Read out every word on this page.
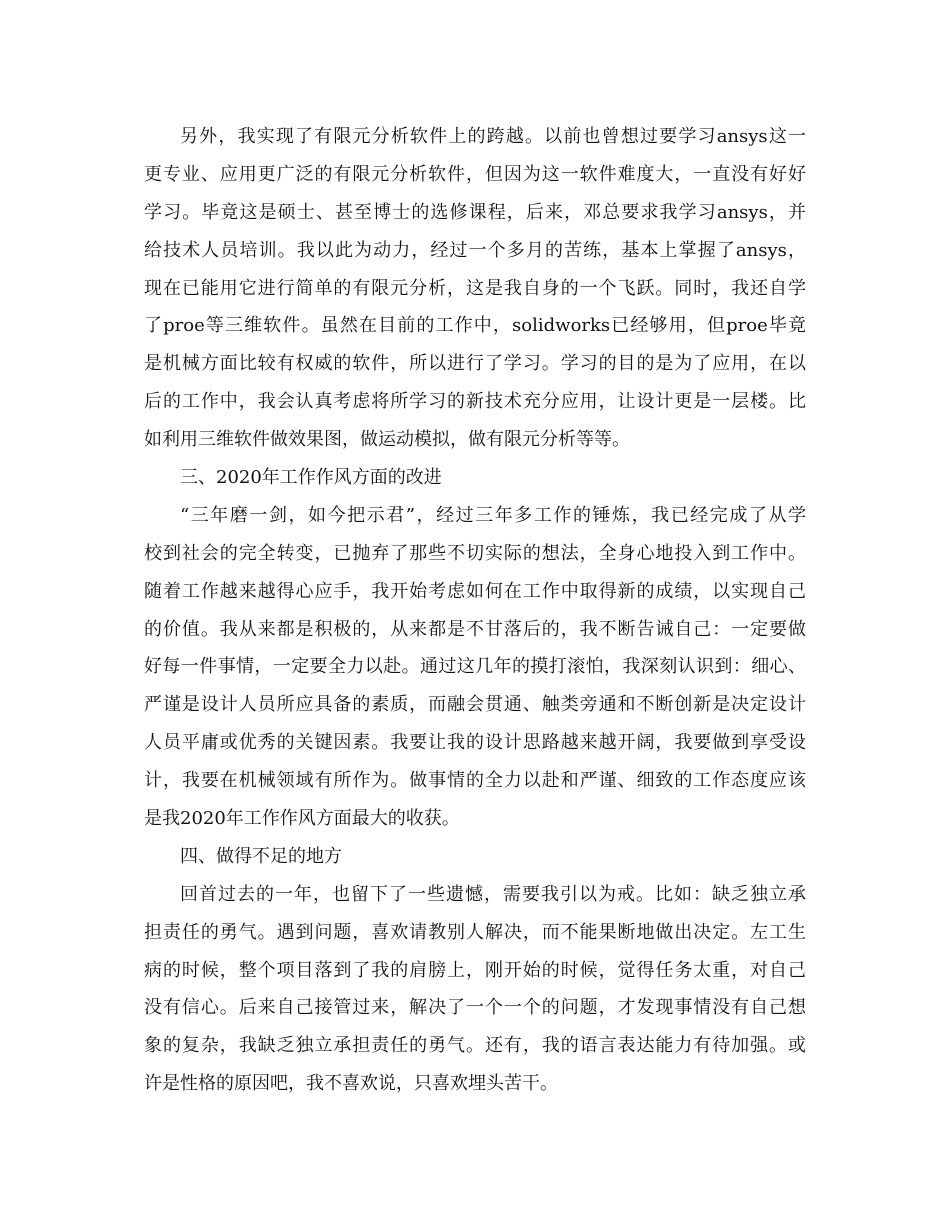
另外，我实现了有限元分析软件上的跨越。以前也曾想过要学习ansys这一
更专业、应用更广泛的有限元分析软件，但因为这一软件难度大，一直没有好好
学习。毕竟这是硕士、甚至博士的选修课程，后来，邓总要求我学习ansys，并
给技术人员培训。我以此为动力，经过一个多月的苦练，基本上掌握了ansys，
现在已能用它进行简单的有限元分析，这是我自身的一个飞跃。同时，我还自学
了proe等三维软件。虽然在目前的工作中，solidworks已经够用，但proe毕竟
是机械方面比较有权威的软件，所以进行了学习。学习的目的是为了应用，在以
后的工作中，我会认真考虑将所学习的新技术充分应用，让设计更是一层楼。比
如利用三维软件做效果图，做运动模拟，做有限元分析等等。
三、2020年工作作风方面的改进
“三年磨一剑，如今把示君”，经过三年多工作的锤炼，我已经完成了从学
校到社会的完全转变，已抛弃了那些不切实际的想法，全身心地投入到工作中。
随着工作越来越得心应手，我开始考虑如何在工作中取得新的成绩，以实现自己
的价值。我从来都是积极的，从来都是不甘落后的，我不断告诫自己：一定要做
好每一件事情，一定要全力以赴。通过这几年的摸打滚怕，我深刻认识到：细心、
严谨是设计人员所应具备的素质，而融会贯通、触类旁通和不断创新是决定设计
人员平庸或优秀的关键因素。我要让我的设计思路越来越开阔，我要做到享受设
计，我要在机械领域有所作为。做事情的全力以赴和严谨、细致的工作态度应该
是我2020年工作作风方面最大的收获。
四、做得不足的地方
回首过去的一年，也留下了一些遗憾，需要我引以为戒。比如：缺乏独立承
担责任的勇气。遇到问题，喜欢请教别人解决，而不能果断地做出决定。左工生
病的时候，整个项目落到了我的肩膀上，刚开始的时候，觉得任务太重，对自己
没有信心。后来自己接管过来，解决了一个一个的问题，才发现事情没有自己想
象的复杂，我缺乏独立承担责任的勇气。还有，我的语言表达能力有待加强。或
许是性格的原因吧，我不喜欢说，只喜欢埋头苦干。
